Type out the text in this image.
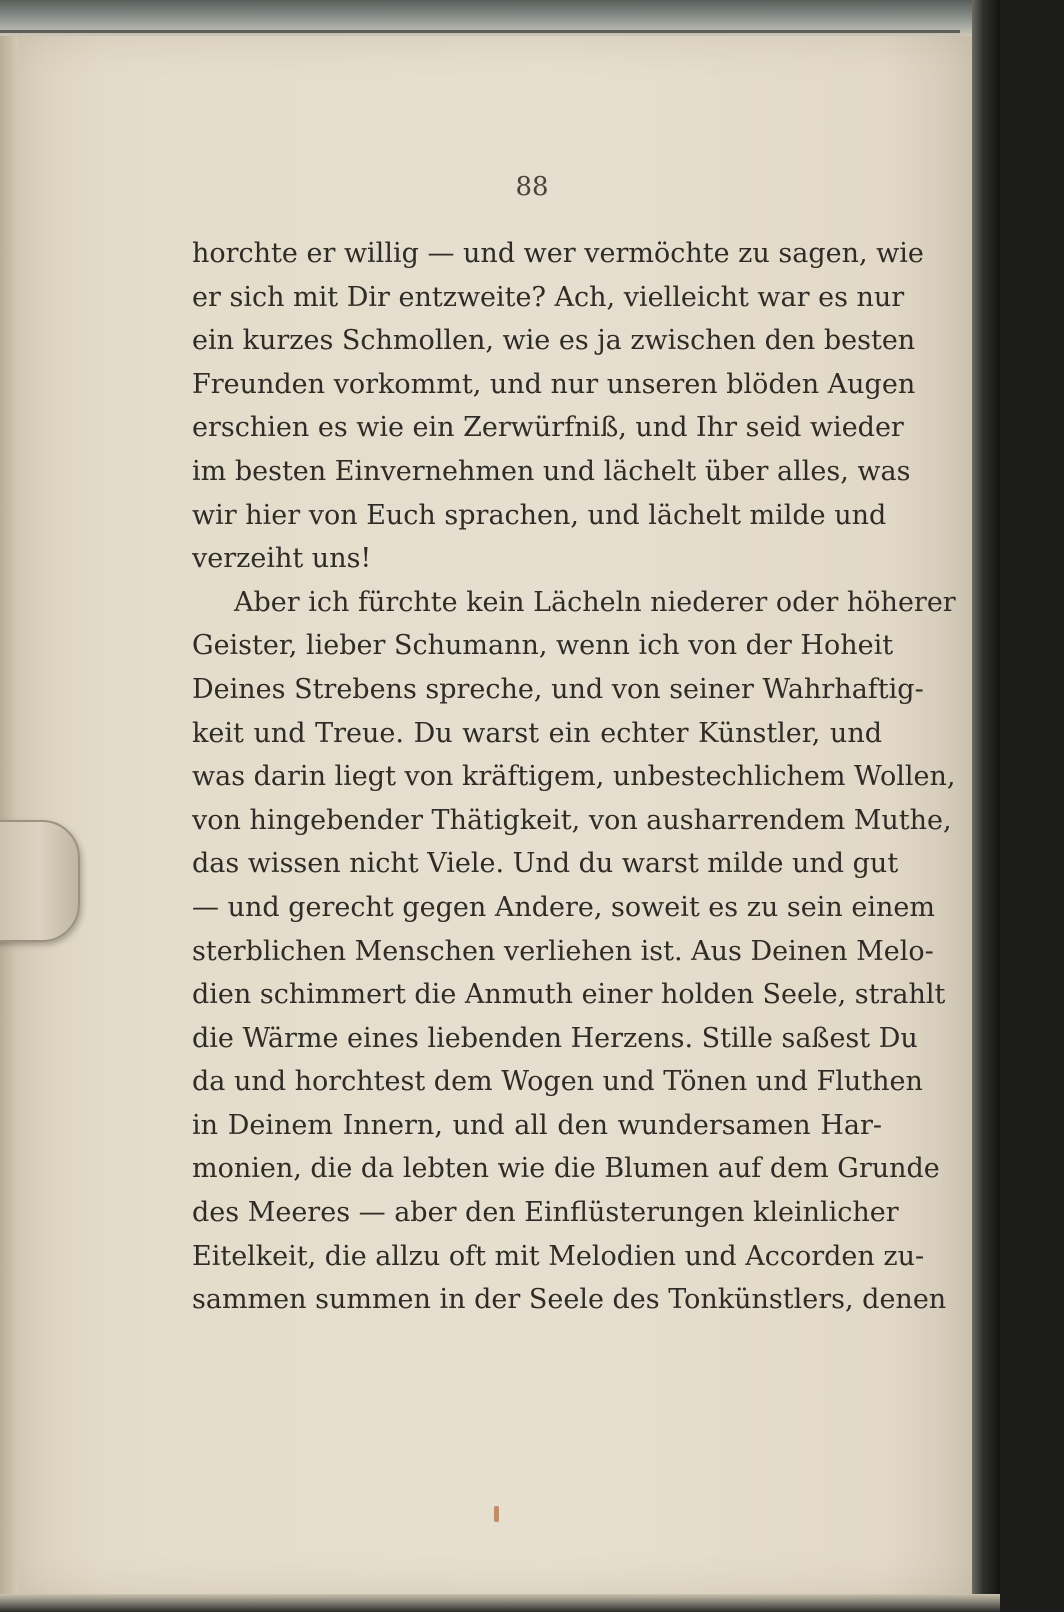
88
horchte er willig — und wer vermöchte zu sagen, wie
er sich mit Dir entzweite? Ach, vielleicht war es nur
ein kurzes Schmollen, wie es ja zwischen den besten
Freunden vorkommt, und nur unseren blöden Augen
erschien es wie ein Zerwürfniß, und Ihr seid wieder
im besten Einvernehmen und lächelt über alles, was
wir hier von Euch sprachen, und lächelt milde und
verzeiht uns!
Aber ich fürchte kein Lächeln niederer oder höherer
Geister, lieber Schumann, wenn ich von der Hoheit
Deines Strebens spreche, und von seiner Wahrhaftig-
keit und Treue. Du warst ein echter Künstler, und
was darin liegt von kräftigem, unbestechlichem Wollen,
von hingebender Thätigkeit, von ausharrendem Muthe,
das wissen nicht Viele. Und du warst milde und gut
— und gerecht gegen Andere, soweit es zu sein einem
sterblichen Menschen verliehen ist. Aus Deinen Melo-
dien schimmert die Anmuth einer holden Seele, strahlt
die Wärme eines liebenden Herzens. Stille saßest Du
da und horchtest dem Wogen und Tönen und Fluthen
in Deinem Innern, und all den wundersamen Har-
monien, die da lebten wie die Blumen auf dem Grunde
des Meeres — aber den Einflüsterungen kleinlicher
Eitelkeit, die allzu oft mit Melodien und Accorden zu-
sammen summen in der Seele des Tonkünstlers, denen
